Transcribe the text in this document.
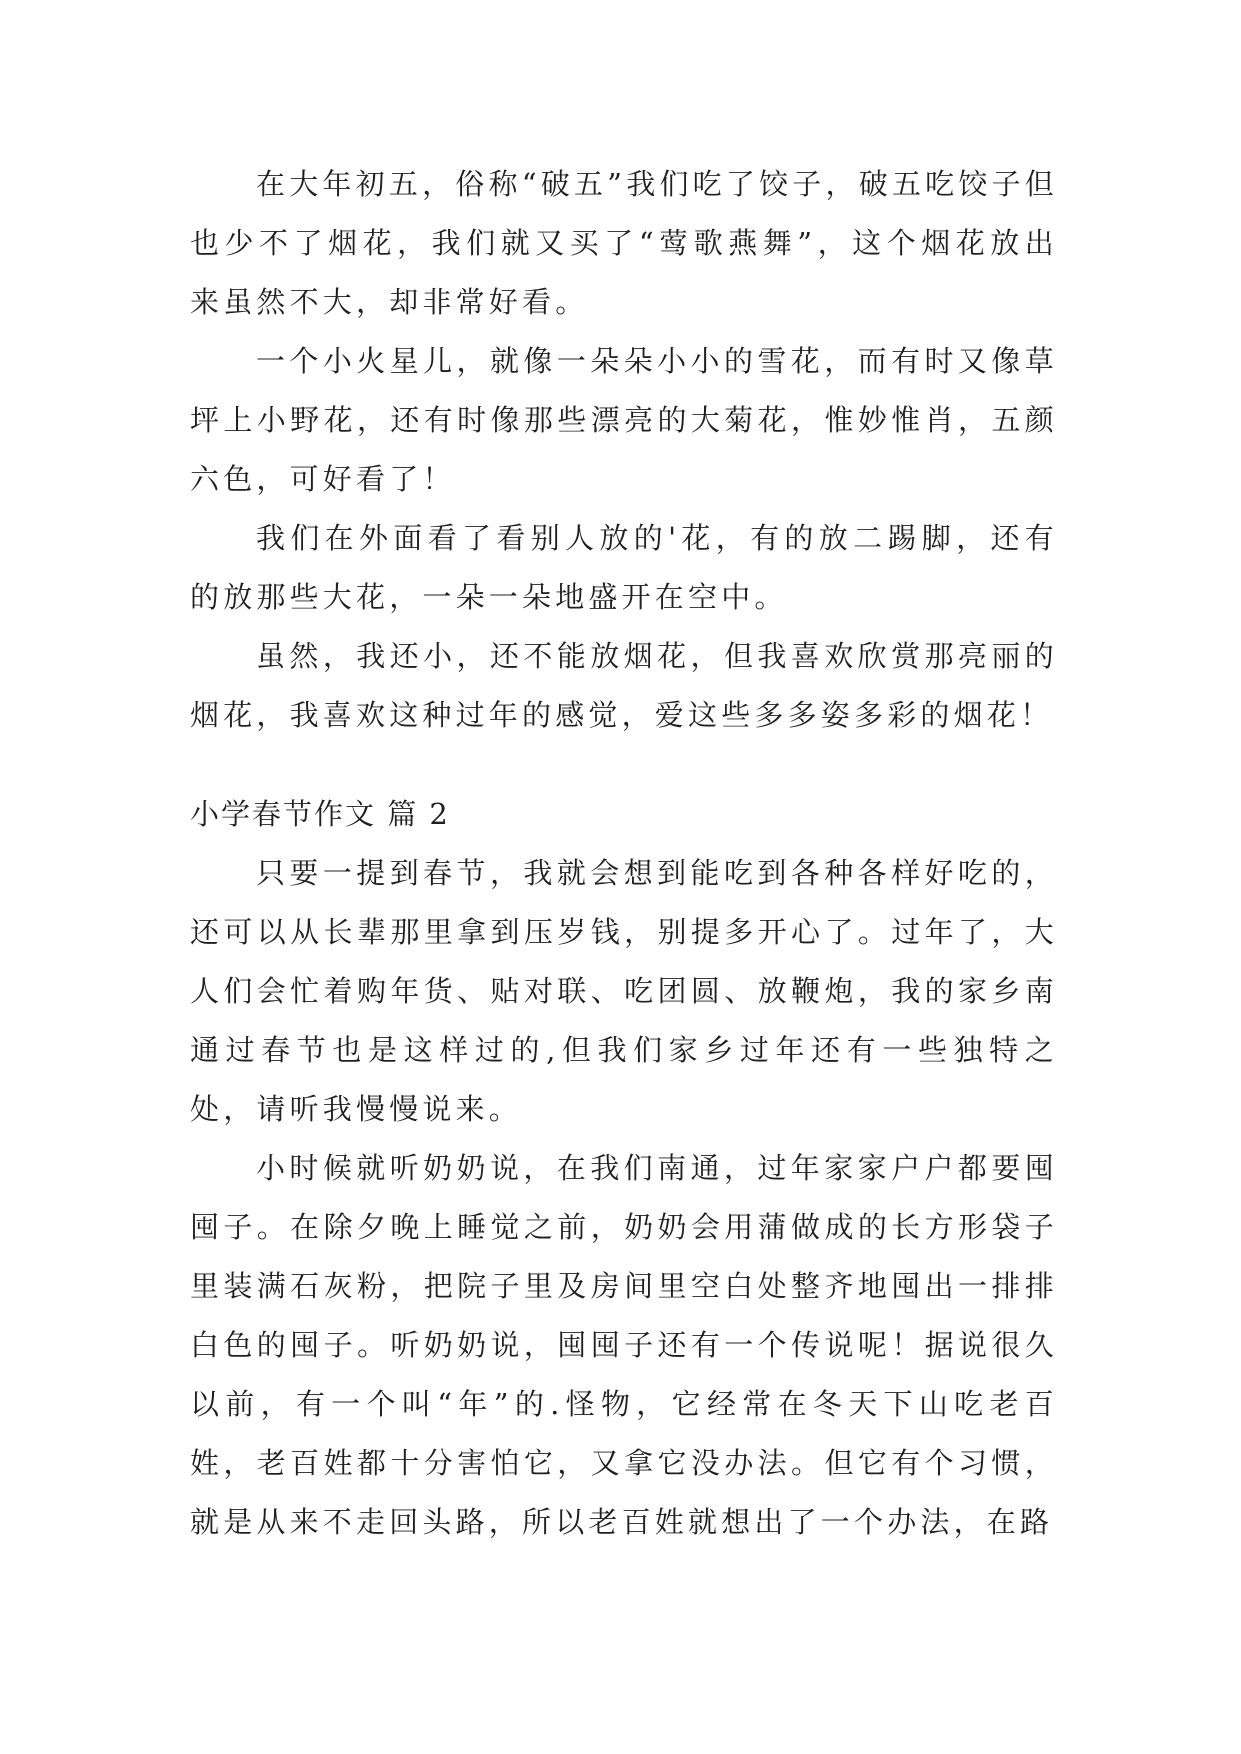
在大年初五，俗称“破五”我们吃了饺子，破五吃饺子但也少不了烟花，我们就又买了“莺歌燕舞”，这个烟花放出来虽然不大，却非常好看。

一个小火星儿，就像一朵朵小小的雪花，而有时又像草坪上小野花，还有时像那些漂亮的大菊花，惟妙惟肖，五颜六色，可好看了！

我们在外面看了看别人放的'花，有的放二踢脚，还有的放那些大花，一朵一朵地盛开在空中。

虽然，我还小，还不能放烟花，但我喜欢欣赏那亮丽的烟花，我喜欢这种过年的感觉，爱这些多多姿多彩的烟花！

小学春节作文 篇 2

只要一提到春节，我就会想到能吃到各种各样好吃的，还可以从长辈那里拿到压岁钱，别提多开心了。过年了，大人们会忙着购年货、贴对联、吃团圆、放鞭炮，我的家乡南通过春节也是这样过的,但我们家乡过年还有一些独特之处，请听我慢慢说来。

小时候就听奶奶说，在我们南通，过年家家户户都要囤囤子。在除夕晚上睡觉之前，奶奶会用蒲做成的长方形袋子里装满石灰粉，把院子里及房间里空白处整齐地囤出一排排白色的囤子。听奶奶说，囤囤子还有一个传说呢！据说很久以前，有一个叫“年”的.怪物，它经常在冬天下山吃老百姓，老百姓都十分害怕它，又拿它没办法。但它有个习惯，就是从来不走回头路，所以老百姓就想出了一个办法，在路
